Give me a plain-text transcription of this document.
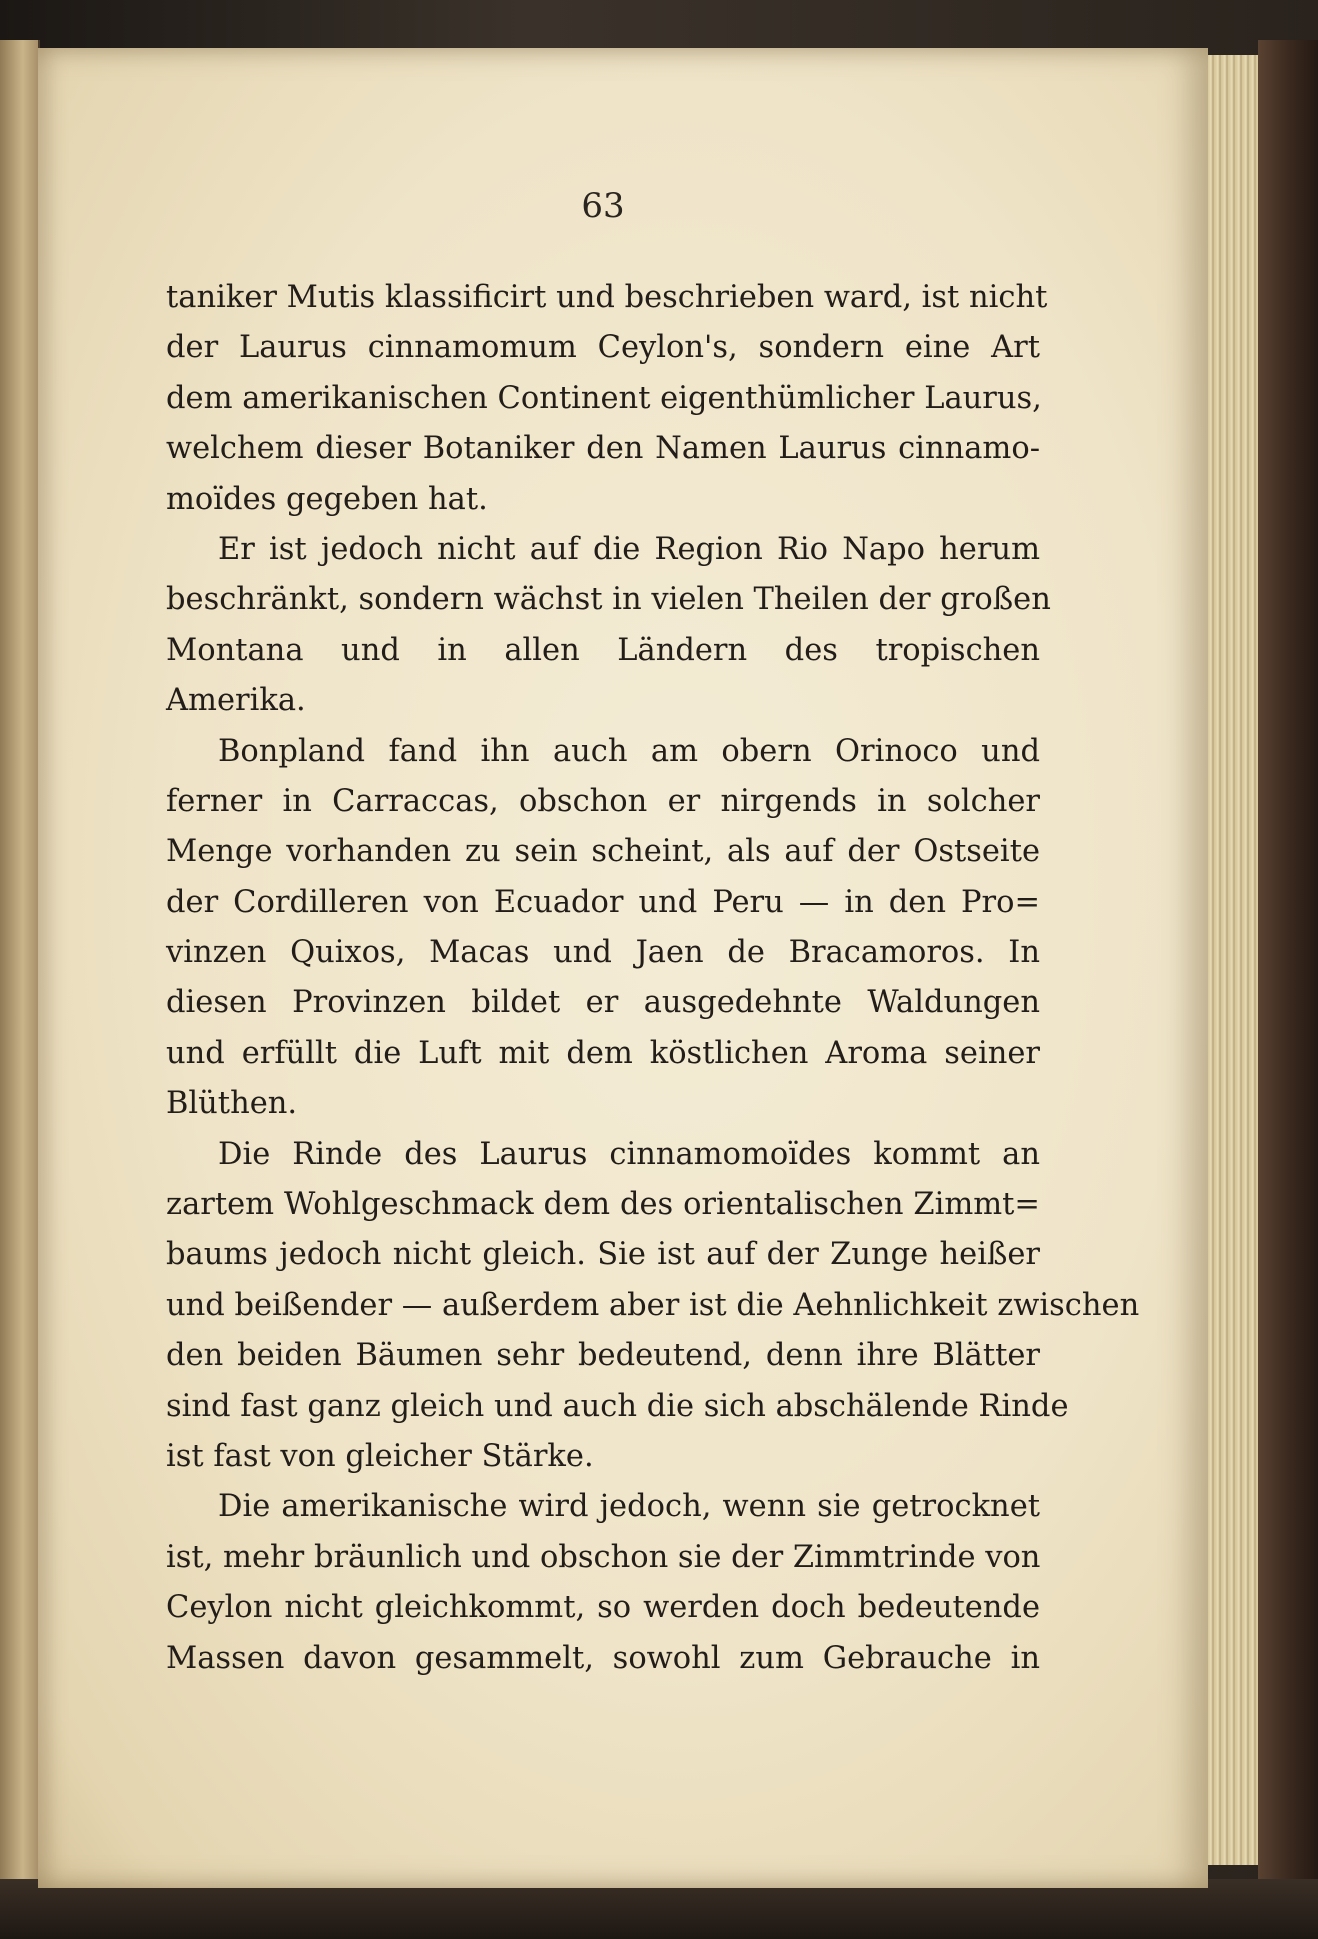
63
taniker Mutis klassificirt und beschrieben ward, ist nicht
der Laurus cinnamomum Ceylon's, sondern eine Art
dem amerikanischen Continent eigenthümlicher Laurus,
welchem dieser Botaniker den Namen Laurus cinnamo-
moïdes gegeben hat.
Er ist jedoch nicht auf die Region Rio Napo herum
beschränkt, sondern wächst in vielen Theilen der großen
Montana und in allen Ländern des tropischen
Amerika.
Bonpland fand ihn auch am obern Orinoco und
ferner in Carraccas, obschon er nirgends in solcher
Menge vorhanden zu sein scheint, als auf der Ostseite
der Cordilleren von Ecuador und Peru — in den Pro=
vinzen Quixos, Macas und Jaen de Bracamoros. In
diesen Provinzen bildet er ausgedehnte Waldungen
und erfüllt die Luft mit dem köstlichen Aroma seiner
Blüthen.
Die Rinde des Laurus cinnamomoïdes kommt an
zartem Wohlgeschmack dem des orientalischen Zimmt=
baums jedoch nicht gleich. Sie ist auf der Zunge heißer
und beißender — außerdem aber ist die Aehnlichkeit zwischen
den beiden Bäumen sehr bedeutend, denn ihre Blätter
sind fast ganz gleich und auch die sich abschälende Rinde
ist fast von gleicher Stärke.
Die amerikanische wird jedoch, wenn sie getrocknet
ist, mehr bräunlich und obschon sie der Zimmtrinde von
Ceylon nicht gleichkommt, so werden doch bedeutende
Massen davon gesammelt, sowohl zum Gebrauche in
